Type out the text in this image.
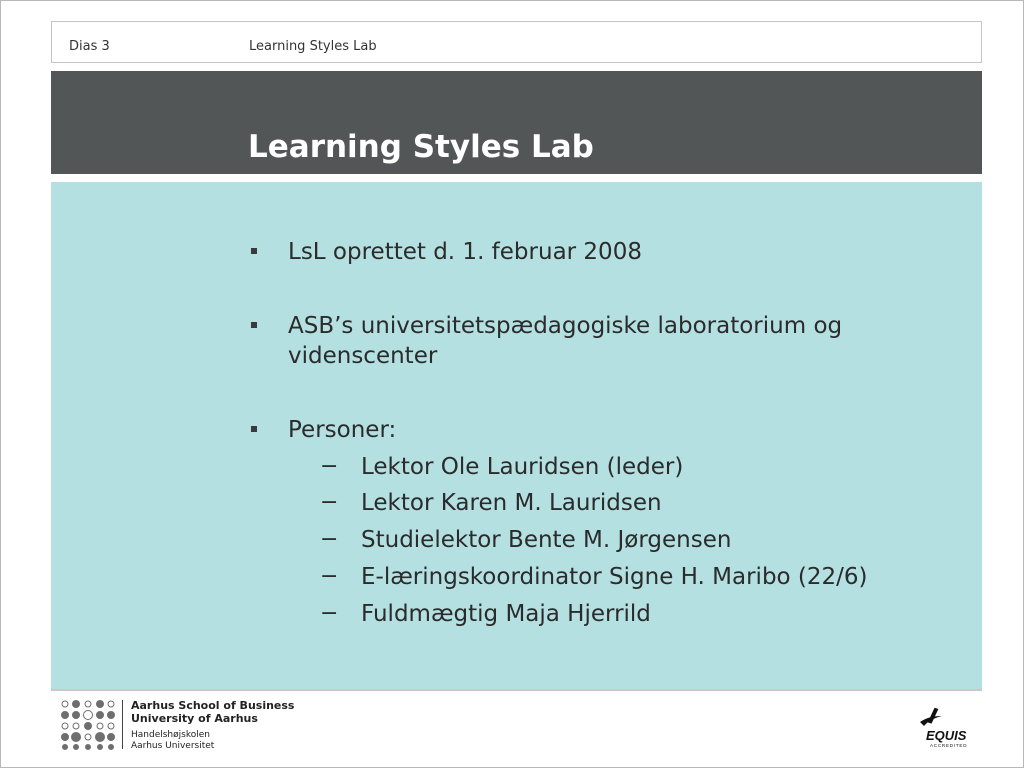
Dias 3	Learning Styles Lab
Learning Styles Lab
LsL oprettet d. 1. februar 2008
ASB’s universitetspædagogiske laboratorium og
videnscenter
Personer:
− Lektor Ole Lauridsen (leder)
− Lektor Karen M. Lauridsen
− Studielektor Bente M. Jørgensen
− E-læringskoordinator Signe H. Maribo (22/6)
− Fuldmægtig Maja Hjerrild
Aarhus School of Business
University of Aarhus
Handelshøjskolen
Aarhus Universitet
EQUIS
ACCREDITED
